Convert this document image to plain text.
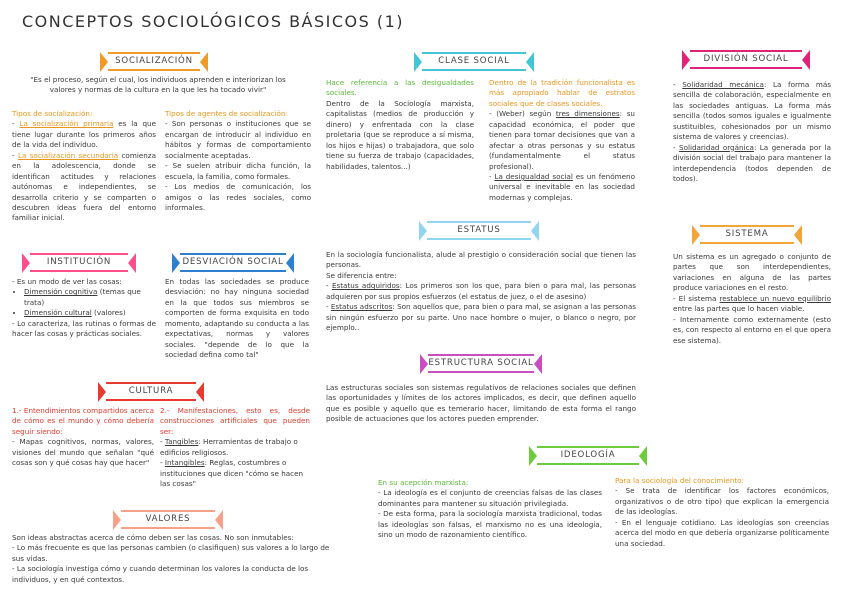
CONCEPTOS SOCIOLÓGICOS BÁSICOS (1)
SOCIALIZACIÓN
"Es el proceso, según el cual, los individuos aprenden e interiorizan los valores y normas de la cultura en la que les ha tocado vivir"
Tipos de socialización:
- La socialización primaria es la que tiene lugar durante los primeros años de la vida del individuo.
- La socialización secundaria comienza en la adolescencia, donde se identifican actitudes y relaciones autónomas e independientes, se desarrolla criterio y se comparten o descubren ideas fuera del entorno familiar inicial.
Tipos de agentes de socialización:
- Son personas o instituciones que se encargan de introducir al individuo en hábitos y formas de comportamiento socialmente aceptadas.
- Se suelen atribuir dicha función, la escuela, la familia, como formales.
- Los medios de comunicación, los amigos o las redes sociales, como informales.
INSTITUCIÓN
- Es un modo de ver las cosas:
• Dimensión cognitiva (temas que trata)
• Dimensión cultural (valores)
- Lo caracteriza, las rutinas o formas de hacer las cosas y prácticas sociales.
DESVIACIÓN SOCIAL
En todas las sociedades se produce desviación: no hay ninguna sociedad en la que todos sus miembros se comporten de forma exquisita en todo momento, adaptando su conducta a las expectativas, normas y valores sociales. "depende de lo que la sociedad defina como tal"
CULTURA
1.- Entendimientos compartidos acerca de cómo es el mundo y cómo debería seguir siendo:
- Mapas cognitivos, normas, valores, visiones del mundo que señalan "qué cosas son y qué cosas hay que hacer"
2.- Manifestaciones, esto es, desde construcciones artificiales que pueden ser:
- Tangibles: Herramientas de trabajo o edificios religiosos.
- Intangibles: Reglas, costumbres o instituciones que dicen "cómo se hacen las cosas"
VALORES
Son ideas abstractas acerca de cómo deben ser las cosas. No son inmutables:
- Lo más frecuente es que las personas cambien (o clasifiquen) sus valores a lo largo de sus vidas.
- La sociología investiga cómo y cuando determinan los valores la conducta de los individuos, y en qué contextos.
CLASE SOCIAL
Hace referencia a las desigualdades sociales.
Dentro de la Sociología marxista, capitalistas (medios de producción y dinero) y enfrentada con la clase proletaria (que se reproduce a sí misma, los hijos e hijas) o trabajadora, que solo tiene su fuerza de trabajo (capacidades, habilidades, talentos...)
Dentro de la tradición funcionalista es más apropiado hablar de estratos sociales que de clases sociales.
- (Weber) según tres dimensiones: su capacidad económica, el poder que tienen para tomar decisiones que van a afectar a otras personas y su estatus (fundamentalmente el status profesional).
- La desigualdad social es un fenómeno universal e inevitable en las sociedad modernas y complejas.
ESTATUS
En la sociología funcionalista, alude al prestigio o consideración social que tienen las personas.
Se diferencia entre:
- Estatus adquiridos: Los primeros son los que, para bien o para mal, las personas adquieren por sus propios esfuerzos (el estatus de juez, o el de asesino)
- Estatus adscritos: Son aquellos que, para bien o para mal, se asignan a las personas sin ningún esfuerzo por su parte. Uno nace hombre o mujer, o blanco o negro, por ejemplo..
ESTRUCTURA SOCIAL
Las estructuras sociales son sistemas regulativos de relaciones sociales que definen las oportunidades y límites de los actores implicados, es decir, que definen aquello que es posible y aquello que es temerario hacer, limitando de esta forma el rango posible de actuaciones que los actores pueden emprender.
IDEOLOGÍA
En su acepción marxista:
- La ideología es el conjunto de creencias falsas de las clases dominantes para mantener su situación privilegiada.
- De esta forma, para la sociología marxista tradicional, todas las ideologías son falsas, el marxismo no es una ideología, sino un modo de razonamiento científico.
Para la sociología del conocimiento:
- Se trata de identificar los factores económicos, organizativos o de otro tipo) que explican la emergencia de las ideologías.
- En el lenguaje cotidiano. Las ideologías son creencias acerca del modo en que debería organizarse políticamente una sociedad.
DIVISIÓN SOCIAL
- Solidaridad mecánica: La forma más sencilla de colaboración, especialmente en las sociedades antiguas. La forma más sencilla (todos somos iguales e igualmente sustituibles, cohesionados por un mismo sistema de valores y creencias).
- Solidaridad orgánica: La generada por la división social del trabajo para mantener la interdependencia (todos dependen de todos).
SISTEMA
Un sistema es un agregado o conjunto de partes que son interdependientes, variaciones en alguna de las partes produce variaciones en el resto.
- El sistema restablece un nuevo equilibrio entre las partes que lo hacen viable.
- Internamente como externamente (esto es, con respecto al entorno en el que opera ese sistema).
